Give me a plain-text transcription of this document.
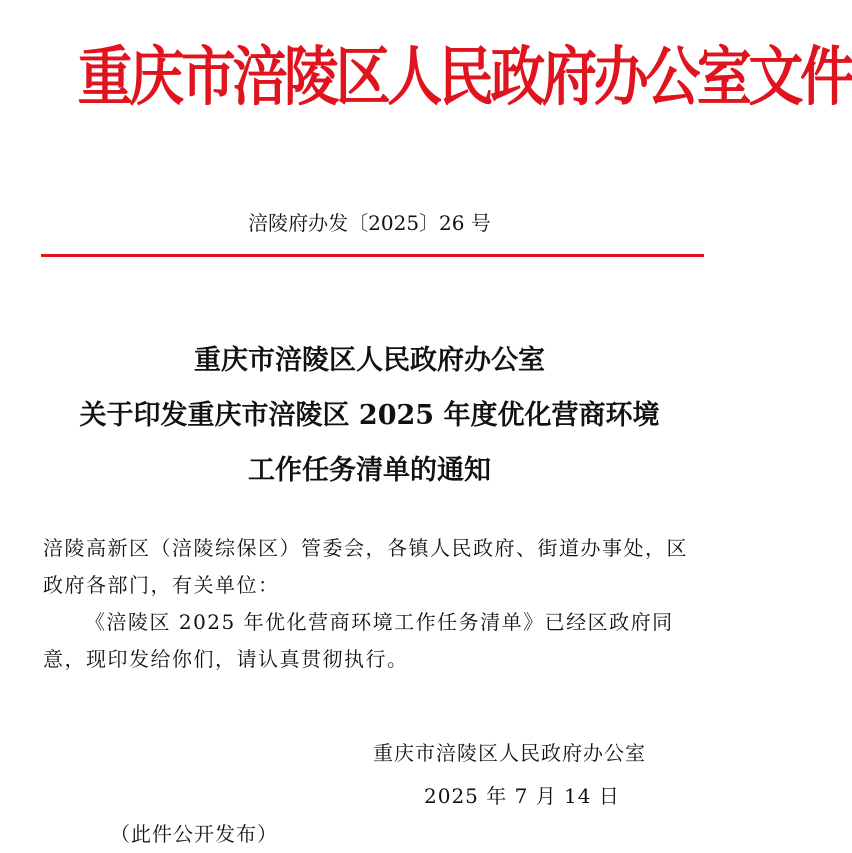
重庆市涪陵区人民政府办公室文件
涪陵府办发〔2025〕26 号
重庆市涪陵区人民政府办公室
关于印发重庆市涪陵区 2025 年度优化营商环境
工作任务清单的通知

涪陵高新区（涪陵综保区）管委会，各镇人民政府、街道办事处，区政府各部门，有关单位：

《涪陵区 2025 年优化营商环境工作任务清单》已经区政府同意，现印发给你们，请认真贯彻执行。

重庆市涪陵区人民政府办公室
2025 年 7 月 14 日
（此件公开发布）
